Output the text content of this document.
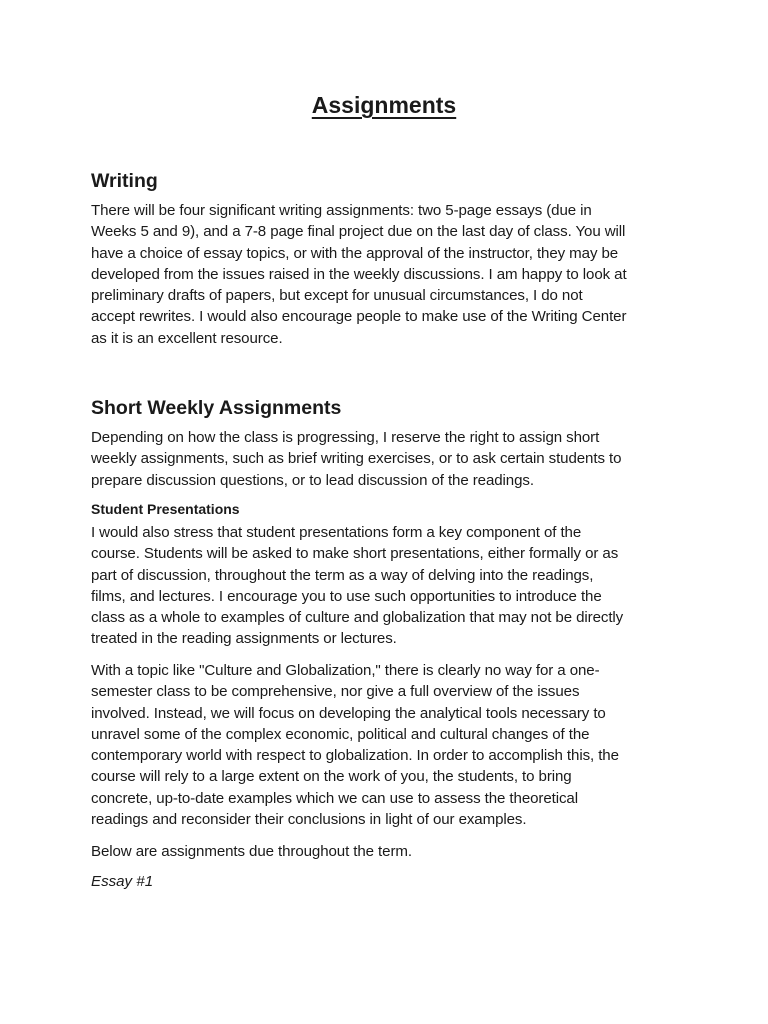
Assignments
Writing
There will be four significant writing assignments: two 5-page essays (due in
Weeks 5 and 9), and a 7-8 page final project due on the last day of class. You will
have a choice of essay topics, or with the approval of the instructor, they may be
developed from the issues raised in the weekly discussions. I am happy to look at
preliminary drafts of papers, but except for unusual circumstances, I do not
accept rewrites. I would also encourage people to make use of the Writing Center
as it is an excellent resource.
Short Weekly Assignments
Depending on how the class is progressing, I reserve the right to assign short
weekly assignments, such as brief writing exercises, or to ask certain students to
prepare discussion questions, or to lead discussion of the readings.
Student Presentations
I would also stress that student presentations form a key component of the
course. Students will be asked to make short presentations, either formally or as
part of discussion, throughout the term as a way of delving into the readings,
films, and lectures. I encourage you to use such opportunities to introduce the
class as a whole to examples of culture and globalization that may not be directly
treated in the reading assignments or lectures.
With a topic like "Culture and Globalization," there is clearly no way for a one-
semester class to be comprehensive, nor give a full overview of the issues
involved. Instead, we will focus on developing the analytical tools necessary to
unravel some of the complex economic, political and cultural changes of the
contemporary world with respect to globalization. In order to accomplish this, the
course will rely to a large extent on the work of you, the students, to bring
concrete, up-to-date examples which we can use to assess the theoretical
readings and reconsider their conclusions in light of our examples.
Below are assignments due throughout the term.
Essay #1
